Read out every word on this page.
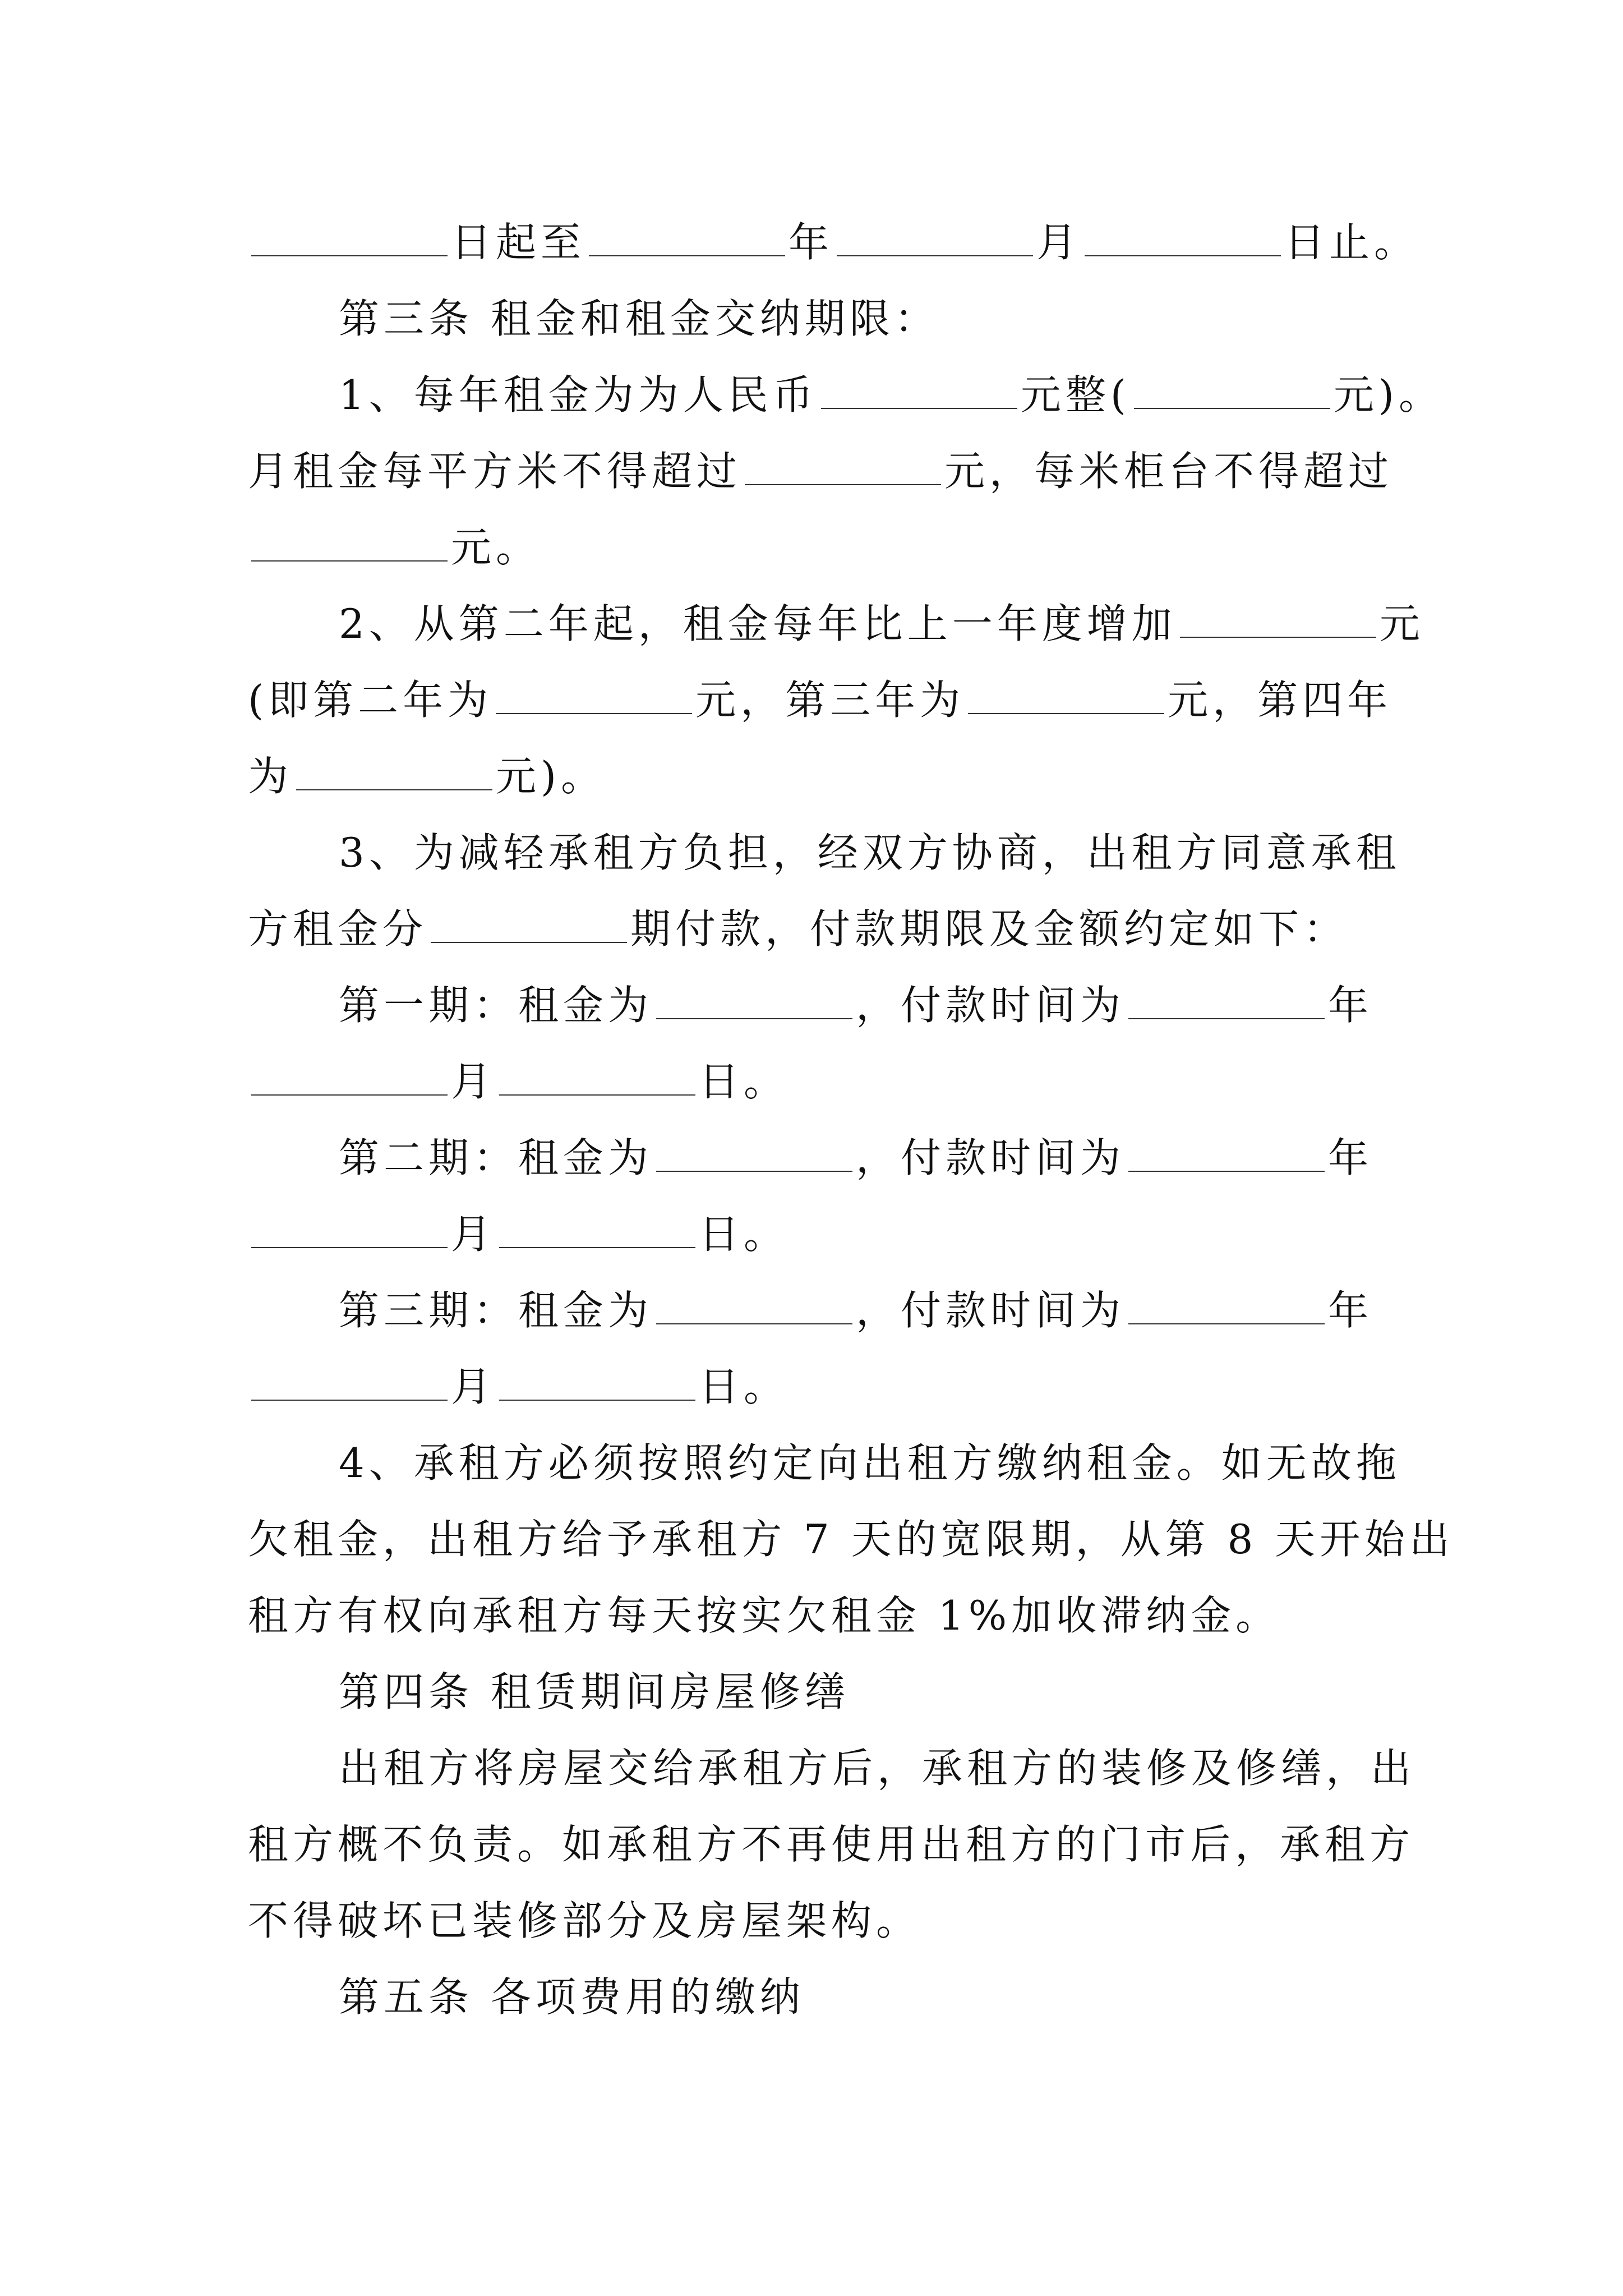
日起至	年	月	日止。
第三条 租金和租金交纳期限：
1、每年租金为为人民币	元整(	元)。
月租金每平方米不得超过	元，每米柜台不得超过
元。
2、从第二年起，租金每年比上一年度增加	元
(即第二年为	元，第三年为	元，第四年
为	元)。
3、为减轻承租方负担，经双方协商，出租方同意承租
方租金分	期付款，付款期限及金额约定如下：
第一期：租金为	，付款时间为	年
月	日。
第二期：租金为	，付款时间为	年
月	日。
第三期：租金为	，付款时间为	年
月	日。
4、承租方必须按照约定向出租方缴纳租金。如无故拖
欠租金，出租方给予承租方 7 天的宽限期，从第 8 天开始出
租方有权向承租方每天按实欠租金 1%加收滞纳金。
第四条 租赁期间房屋修缮
出租方将房屋交给承租方后，承租方的装修及修缮，出
租方概不负责。如承租方不再使用出租方的门市后，承租方
不得破坏已装修部分及房屋架构。
第五条 各项费用的缴纳
